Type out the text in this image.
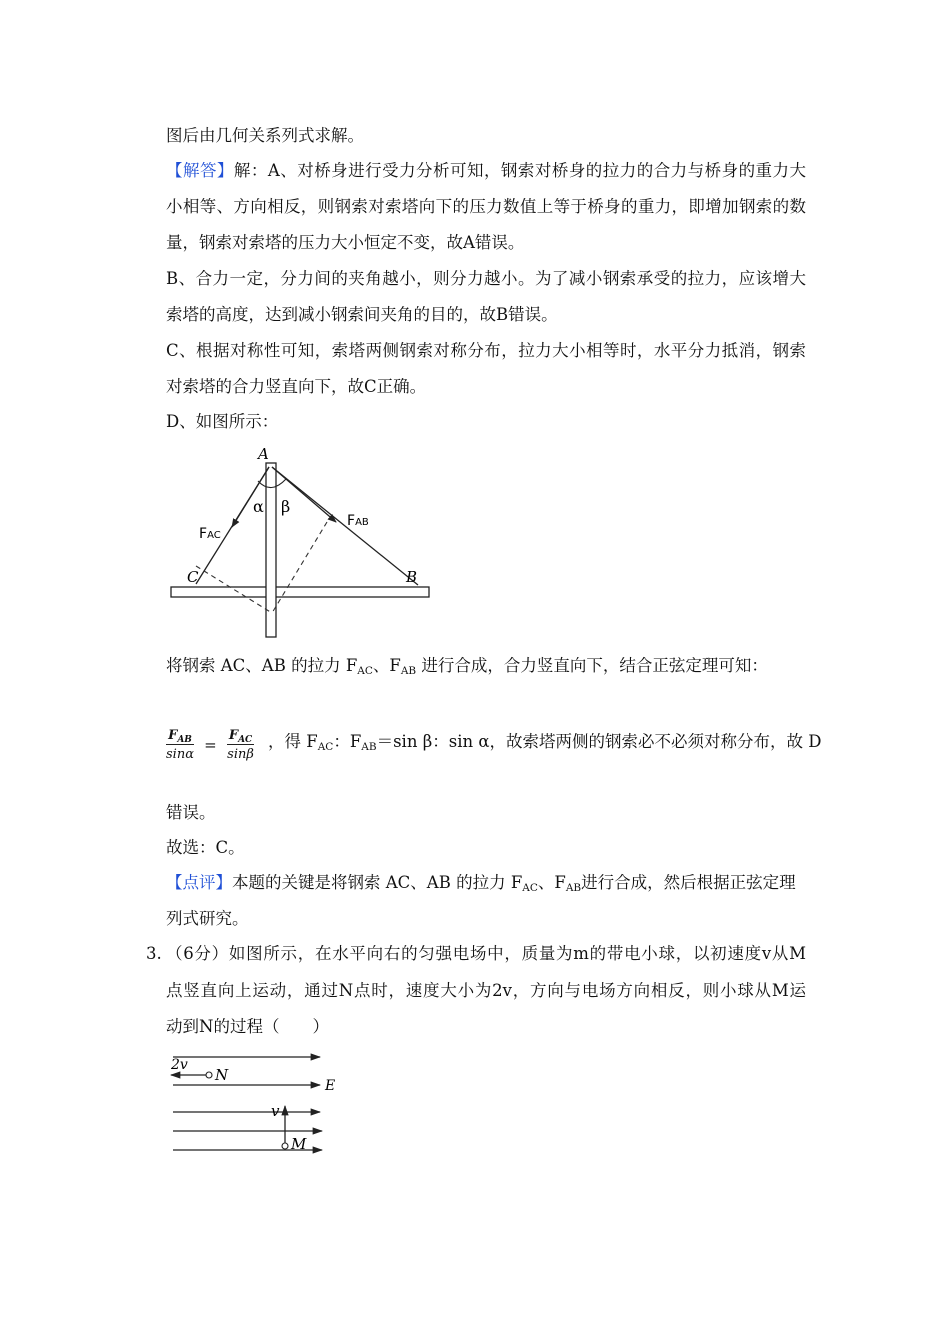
图后由几何关系列式求解。
【解答】解：A、对桥身进行受力分析可知，钢索对桥身的拉力的合力与桥身的重力大
小相等、方向相反，则钢索对索塔向下的压力数值上等于桥身的重力，即增加钢索的数
量，钢索对索塔的压力大小恒定不变，故A错误。
B、合力一定，分力间的夹角越小，则分力越小。为了减小钢索承受的拉力，应该增大
索塔的高度，达到减小钢索间夹角的目的，故B错误。
C、根据对称性可知，索塔两侧钢索对称分布，拉力大小相等时，水平分力抵消，钢索
对索塔的合力竖直向下，故C正确。
D、如图所示：
A
α β
FAC
FAB
C	B
将钢索 AC、AB 的拉力 $F_{AC}$、$F_{AB}$ 进行合成，合力竖直向下，结合正弦定理可知：
$\frac{F_{AB}}{\sin\alpha} = \frac{F_{AC}}{\sin\beta}$ ，得 $F_{AC}$：$F_{AB}=\sin$ β：sin α，故索塔两侧的钢索必不必须对称分布，故 D
错误。
故选：C。
【点评】本题的关键是将钢索 AC、AB 的拉力 $F_{AC}$、$F_{AB}$进行合成，然后根据正弦定理
列式研究。
3. （6分）如图所示，在水平向右的匀强电场中，质量为m的带电小球，以初速度v从M
点竖直向上运动，通过N点时，速度大小为2v，方向与电场方向相反，则小球从M运
动到N的过程（　　）
2v
N
E
v
M
